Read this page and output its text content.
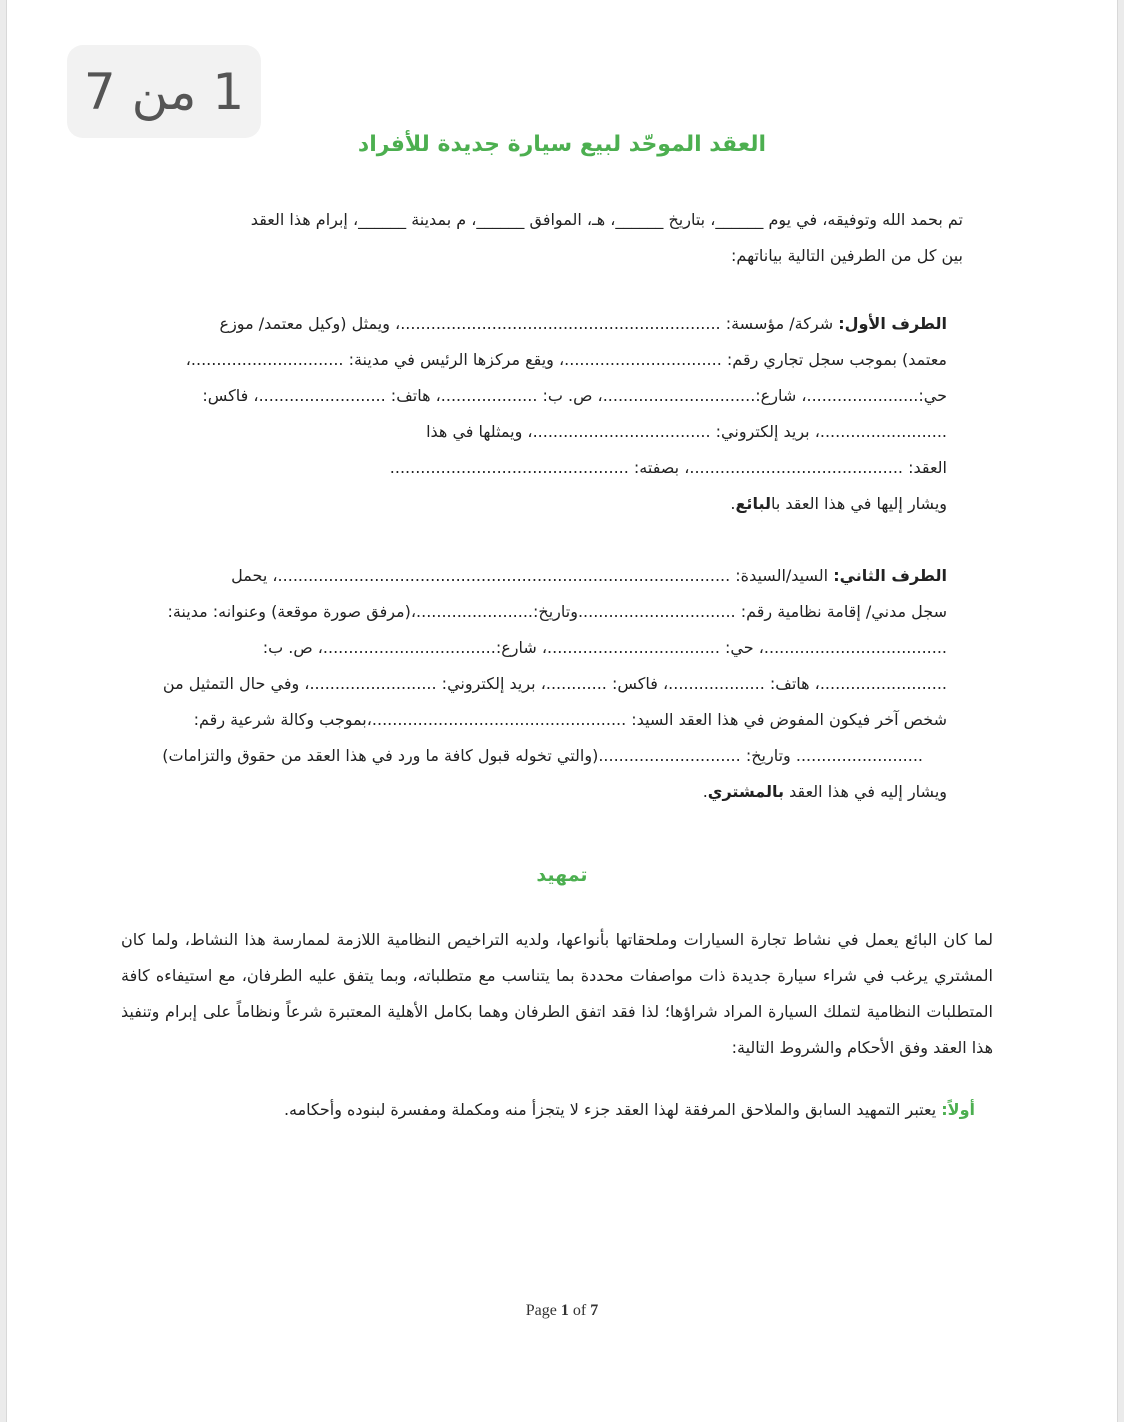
1 من 7
العقد الموحّد لبيع سيارة جديدة للأفراد
تم بحمد الله وتوفيقه، في يوم ______، بتاريخ ______، هـ، الموافق ______، م بمدينة ______، إبرام هذا العقد
بين كل من الطرفين التالية بياناتهم:
الطرف الأول: شركة/ مؤسسة: ...............................................................، ويمثل (وكيل معتمد/ موزع
معتمد) بموجب سجل تجاري رقم: ...............................، ويقع مركزها الرئيس في مدينة: ..............................،
حي:......................، شارع:..............................، ص. ب: ...................، هاتف: .........................، فاكس:
.........................، بريد إلكتروني: ...................................، ويمثلها في هذا
العقد: ..........................................، بصفته: ...............................................
ويشار إليها في هذا العقد بالبائع.
الطرف الثاني: السيد/السيدة: .........................................................................................، يحمل
سجل مدني/ إقامة نظامية رقم: ...............................وتاريخ:.......................،(مرفق صورة موقعة) وعنوانه: مدينة:
....................................، حي: ..................................، شارع:..................................، ص. ب:
.........................، هاتف: ...................، فاكس: ............، بريد إلكتروني: .........................، وفي حال التمثيل من
شخص آخر فيكون المفوض في هذا العقد السيد: ..................................................،بموجب وكالة شرعية رقم:
......................... وتاريخ: ............................(والتي تخوله قبول كافة ما ورد في هذا العقد من حقوق والتزامات)
ويشار إليه في هذا العقد بالمشتري.
تمهيد
لما كان البائع يعمل في نشاط تجارة السيارات وملحقاتها بأنواعها، ولديه التراخيص النظامية اللازمة لممارسة هذا النشاط، ولما كان المشتري يرغب في شراء سيارة جديدة ذات مواصفات محددة بما يتناسب مع متطلباته، وبما يتفق عليه الطرفان، مع استيفاءه كافة المتطلبات النظامية لتملك السيارة المراد شراؤها؛ لذا فقد اتفق الطرفان وهما بكامل الأهلية المعتبرة شرعاً ونظاماً على إبرام وتنفيذ هذا العقد وفق الأحكام والشروط التالية:
أولاً: يعتبر التمهيد السابق والملاحق المرفقة لهذا العقد جزء لا يتجزأ منه ومكملة ومفسرة لبنوده وأحكامه.
Page 1 of 7
